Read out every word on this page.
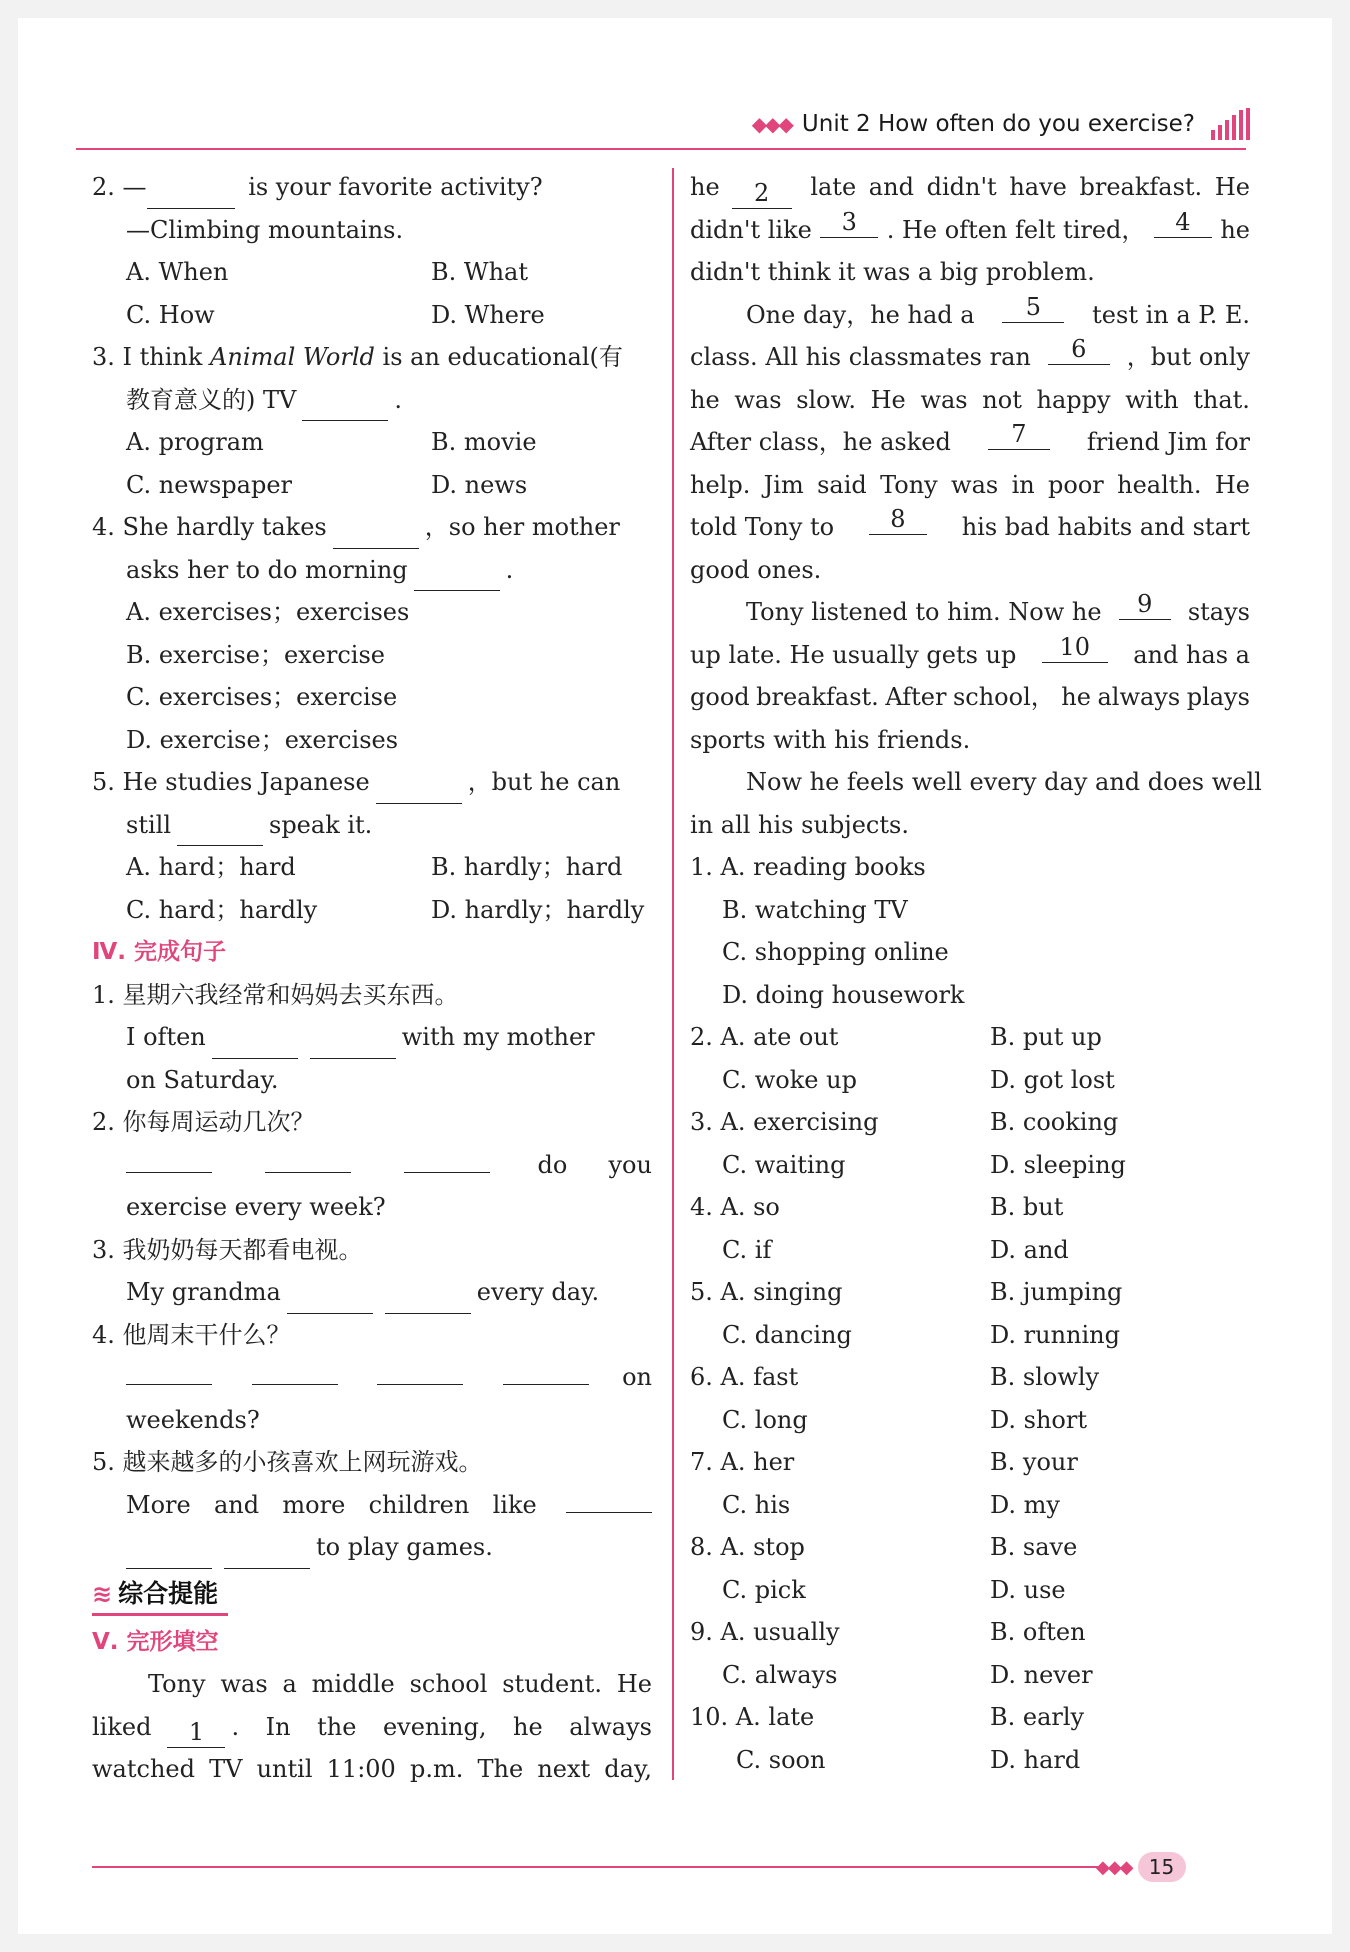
◆◆◆ Unit 2 How often do you exercise?
2. —	is your favorite activity?
—Climbing mountains.
A. When	B. What
C. How	D. Where
3. I think Animal World is an educational(有
教育意义的) TV	.
A. program	B. movie
C. newspaper	D. news
4. She hardly takes	，so her mother
asks her to do morning	.
A. exercises；exercises
B. exercise；exercise
C. exercises；exercise
D. exercise；exercises
5. He studies Japanese	，but he can
still	speak it.
A. hard；hard	B. hardly；hard
C. hard；hardly	D. hardly；hardly
Ⅳ. 完成句子
1. 星期六我经常和妈妈去买东西。
I often	with my mother
on Saturday.
2. 你每周运动几次？
do you
exercise every week?
3. 我奶奶每天都看电视。
My grandma	every day.
4. 他周末干什么？
on
weekends?
5. 越来越多的小孩喜欢上网玩游戏。
More and more children like
to play games.
≋ 综合提能
Ⅴ. 完形填空
Tony was a middle school student. He
liked 1 . In the evening, he always
watched TV until 11:00 p.m. The next day,
he 2	late and didn't have breakfast. He
didn't like	3	. He often felt tired，	4	he
didn't think it was a big problem.
One day，he had a	5	test in a P. E.
class. All his classmates ran	6	，but only
he was slow. He was not happy with that.
After class，he asked	7	friend Jim for
help. Jim said Tony was in poor health. He
told Tony to	8	his bad habits and start
good ones.
Tony listened to him. Now he	9	stays
up late. He usually gets up	10	and has a
good breakfast. After school， he always plays
sports with his friends.
Now he feels well every day and does well
in all his subjects.
1. A. reading books
B. watching TV
C. shopping online
D. doing housework
2. A. ate out	B. put up
C. woke up	D. got lost
3. A. exercising	B. cooking
C. waiting	D. sleeping
4. A. so	B. but
C. if	D. and
5. A. singing	B. jumping
C. dancing	D. running
6. A. fast	B. slowly
C. long	D. short
7. A. her	B. your
C. his	D. my
8. A. stop	B. save
C. pick	D. use
9. A. usually	B. often
C. always	D. never
10. A. late	B. early
C. soon	D. hard
◆◆◆ 15
